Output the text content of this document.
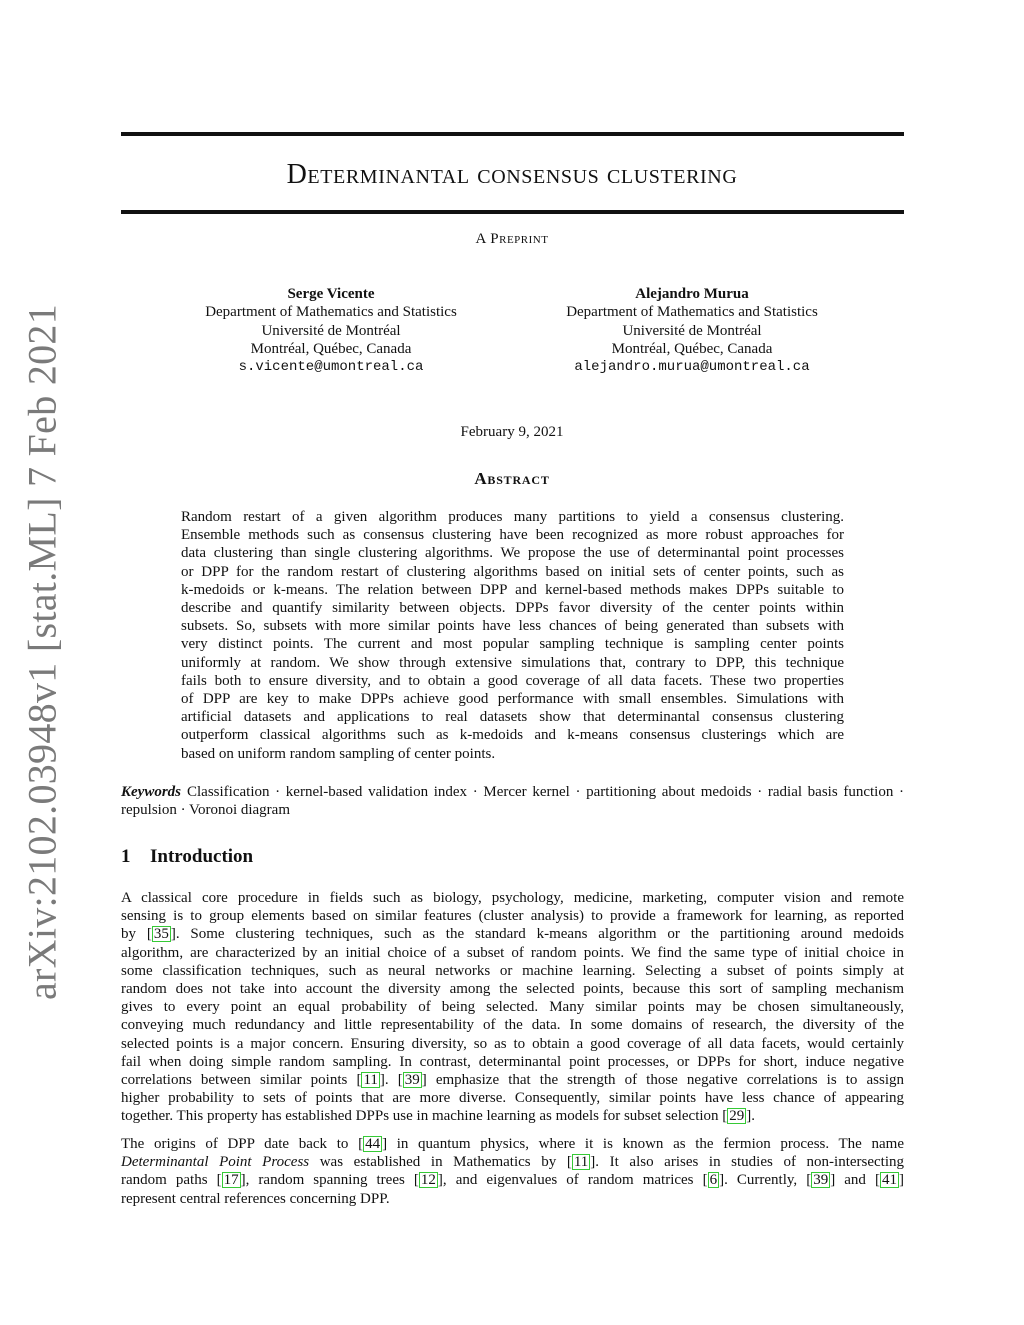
arXiv:2102.03948v1 [stat.ML] 7 Feb 2021
Determinantal consensus clustering
A Preprint
Serge Vicente
Department of Mathematics and Statistics
Université de Montréal
Montréal, Québec, Canada
s.vicente@umontreal.ca
Alejandro Murua
Department of Mathematics and Statistics
Université de Montréal
Montréal, Québec, Canada
alejandro.murua@umontreal.ca
February 9, 2021
Abstract
Random restart of a given algorithm produces many partitions to yield a consensus clustering.
Ensemble methods such as consensus clustering have been recognized as more robust approaches for
data clustering than single clustering algorithms. We propose the use of determinantal point processes
or DPP for the random restart of clustering algorithms based on initial sets of center points, such as
k-medoids or k-means. The relation between DPP and kernel-based methods makes DPPs suitable to
describe and quantify similarity between objects. DPPs favor diversity of the center points within
subsets. So, subsets with more similar points have less chances of being generated than subsets with
very distinct points. The current and most popular sampling technique is sampling center points
uniformly at random. We show through extensive simulations that, contrary to DPP, this technique
fails both to ensure diversity, and to obtain a good coverage of all data facets. These two properties
of DPP are key to make DPPs achieve good performance with small ensembles. Simulations with
artificial datasets and applications to real datasets show that determinantal consensus clustering
outperform classical algorithms such as k-medoids and k-means consensus clusterings which are
based on uniform random sampling of center points.
Keywords Classification · kernel-based validation index · Mercer kernel · partitioning about medoids · radial basis function · repulsion · Voronoi diagram
1 Introduction
A classical core procedure in fields such as biology, psychology, medicine, marketing, computer vision and remote
sensing is to group elements based on similar features (cluster analysis) to provide a framework for learning, as reported
by [ 35 ]. Some clustering techniques, such as the standard k-means algorithm or the partitioning around medoids
algorithm, are characterized by an initial choice of a subset of random points. We find the same type of initial choice in
some classification techniques, such as neural networks or machine learning. Selecting a subset of points simply at
random does not take into account the diversity among the selected points, because this sort of sampling mechanism
gives to every point an equal probability of being selected. Many similar points may be chosen simultaneously,
conveying much redundancy and little representability of the data. In some domains of research, the diversity of the
selected points is a major concern. Ensuring diversity, so as to obtain a good coverage of all data facets, would certainly
fail when doing simple random sampling. In contrast, determinantal point processes, or DPPs for short, induce negative
correlations between similar points [ 11 ]. [ 39 ] emphasize that the strength of those negative correlations is to assign
higher probability to sets of points that are more diverse. Consequently, similar points have less chance of appearing
together. This property has established DPPs use in machine learning as models for subset selection [ 29 ].
The origins of DPP date back to [ 44 ] in quantum physics, where it is known as the fermion process. The name
Determinantal Point Process was established in Mathematics by [ 11 ]. It also arises in studies of non-intersecting
random paths [ 17 ], random spanning trees [ 12 ], and eigenvalues of random matrices [ 6 ]. Currently, [ 39 ] and [ 41 ]
represent central references concerning DPP.
